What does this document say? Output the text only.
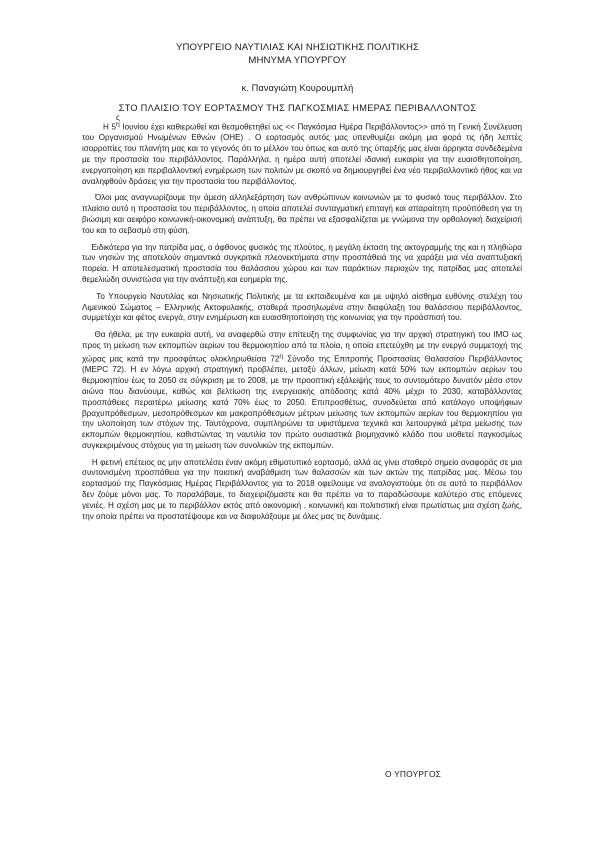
ΥΠΟΥΡΓΕΙΟ ΝΑΥΤΙΛΙΑΣ ΚΑΙ ΝΗΣΙΩΤΙΚΗΣ ΠΟΛΙΤΙΚΗΣ
ΜΗΝΥΜΑ ΥΠΟΥΡΓΟΥ
κ. Παναγιώτη Κουρουμπλή
ΣΤΟ ΠΛΑΙΣΙΟ ΤΟΥ ΕΟΡΤΑΣΜΟΥ ΤΗΣ ΠΑΓΚΟΣΜΙΑΣ ΗΜΕΡΑΣ ΠΕΡΙΒΑΛΛΟΝΤΟΣ
ς

Η $5^\eta$ Ιουνίου έχει καθιερωθεί και θεσμοθετηθεί ως << Παγκόσμια Ημέρα Περιβάλλοντος>> από τη Γενική Συνέλευση του Οργανισμού Ηνωμένων Εθνών (ΟΗΕ) . Ο εορτασμός αυτός μας υπενθυμίζει ακόμη μια φορά τις ήδη λεπτές ισορροπίες του πλανήτη μας και το γεγονός ότι το μέλλον του όπως και αυτό της ύπαρξής μας είναι άρρηκτα συνδεδεμένα με την προστασία του περιβάλλοντος. Παράλληλα, η ημέρα αυτή αποτελεί ιδανική ευκαιρία για την ευαισθητοποίηση, ενεργοποίηση και περιβαλλοντική ενημέρωση των πολιτών με σκοπό να δημιουργηθεί ένα νέο περιβαλλοντικό ήθος και να αναληφθούν δράσεις για την προστασία του περιβάλλοντος.

Όλοι μας αναγνωρίζουμε την άμεση αλληλεξάρτηση των ανθρώπινων κοινωνιών με το φυσικό τους περιβάλλον. Στο πλαίσιο αυτό η προστασία του περιβάλλοντος, η οποία αποτελεί συνταγματική επιταγή και απαραίτητη προϋπόθεση για τη βιώσιμη και αειφόρο κοινωνική-οικονομική ανάπτυξη, θα πρέπει να εξασφαλίζεται με γνώμονα την ορθολογική διαχείρισή του και το σεβασμό στη φύση.

Ειδικότερα για την πατρίδα μας, ο άφθονος φυσικός της πλούτος, η μεγάλη έκταση της ακτογραμμής της και η πληθώρα των νησιών της αποτελούν σημαντικά συγκριτικά πλεονεκτήματα στην προσπάθειά της να χαράξει μια νέα αναπτυξιακή πορεία. Η αποτελεσματική προστασία του θαλάσσιου χώρου και των παράκτιων περιοχών της πατρίδας μας αποτελεί θεμελιώδη συνιστώσα για την ανάπτυξη και ευημερία της.

Το Υπουργείο Ναυτιλίας και Νησιωτικής Πολιτικής με τα εκπαιδευμένα και με υψηλό αίσθημα ευθύνης στελέχη του Λιμενικού Σώματος – Ελληνικής Ακτοφυλακής, σταθερά προσηλωμένα στην διαφύλαξη του θαλάσσιου περιβάλλοντος, συμμετέχει και φέτος ενεργά, στην ενημέρωση και ευαισθητοποίηση της κοινωνίας για την προάσπισή του.

Θα ήθελα, με την ευκαιρία αυτή, να αναφερθώ στην επίτευξη της συμφωνίας για την αρχική στρατηγική του ΙΜΟ ως προς τη μείωση των εκπομπών αερίων του θερμοκηπίου από τα πλοία, η οποία επετεύχθη με την ενεργό συμμετοχή της χώρας μας κατά την προσφάτως ολοκληρωθείσα $72^\eta$ Σύνοδο της Επιτροπής Προστασίας Θαλασσίου Περιβάλλοντος (MEPC 72). Η εν λόγω αρχική στρατηγική προβλέπει, μεταξύ άλλων, μείωση κατά 50% των εκπομπών αερίων του θερμοκηπίου έως το 2050 σε σύγκριση με το 2008, με την προοπτική εξάλειψής τους το συντομότερο δυνατόν μέσα στον αιώνα που διανύουμε, καθώς και βελτίωση της ενεργειακής απόδοσης κατά 40% μέχρι το 2030, καταβάλλοντας προσπάθειες περαιτέρω μείωσης κατά 70% έως το 2050. Επιπροσθέτως, συνοδεύεται από κατάλογο υποψήφιων βραχυπρόθεσμων, μεσοπρόθεσμων και μακροπρόθεσμων μέτρων μείωσης των εκπομπών αερίων του θερμοκηπίου για την υλοποίηση των στόχων της. Ταυτόχρονα, συμπληρώνει τα υφιστάμενα τεχνικά και λειτουργικά μέτρα μείωσης των εκπομπών θερμοκηπίου, καθιστώντας τη ναυτιλία τον πρώτο ουσιαστικά βιομηχανικό κλάδο που υιοθετεί παγκοσμίως συγκεκριμένους στόχους για τη μείωση των συνολικών της εκπομπών.

Η φετινή επέτειος ας μην αποτελέσει έναν ακόμη εθιμοτυπικό εορτασμό, αλλά ας γίνει σταθερό σημείο αναφοράς σε μια συντονισμένη προσπάθεια για την ποιοτική αναβάθμιση των θαλασσών και των ακτών της πατρίδας μας. Μέσω του εορτασμού της Παγκόσμιας Ημέρας Περιβάλλοντος για το 2018 οφείλουμε να αναλογιστούμε ότι σε αυτό το περιβάλλον δεν ζούμε μόνοι μας. Το παραλάβαμε, το διαχειριζόμαστε και θα πρέπει να το παραδώσουμε καλύτερο στις επόμενες γενιές. Η σχέση μας με το περιβάλλον εκτός από οικονομική , κοινωνική και πολιτιστική είναι πρωτίστως μια σχέση ζωής, την οποία πρέπει να προστατέψουμε και να διαφυλάξουμε με όλες μας τις δυνάμεις.

Ο ΥΠΟΥΡΓΟΣ
